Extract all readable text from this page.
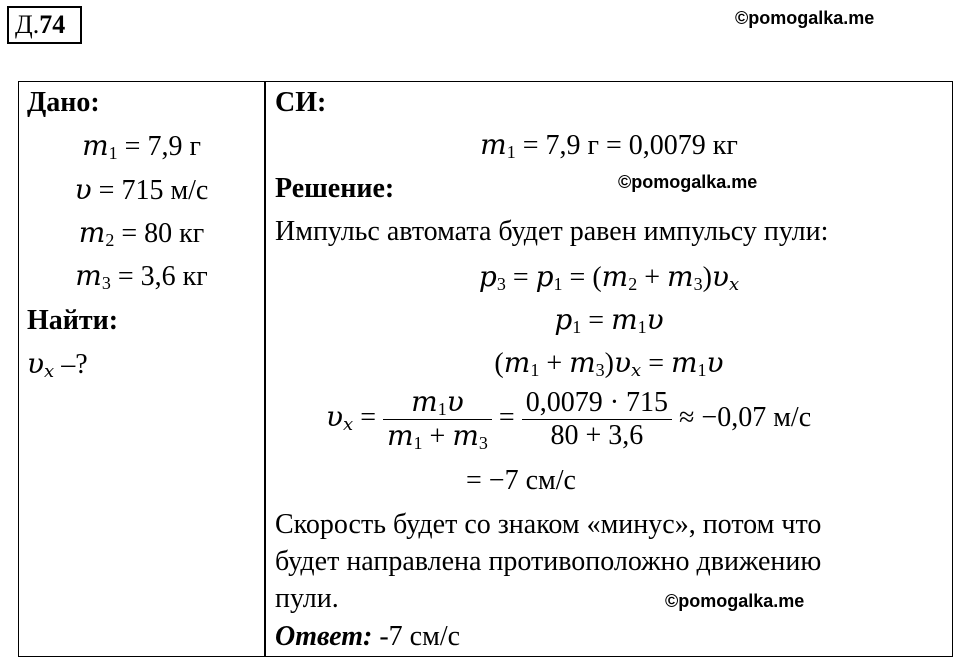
Д.74	©pomogalka.me
Дано:
$m_1 = 7,9$ г
υ = 715 м/с
$m_2 = 80$ кг
$m_3 = 3,6$ кг
Найти:
$\upsilon_x$ –?
СИ:
$m_1 = 7,9$ г = 0,0079 кг
Решение:	©pomogalka.me
Импульс автомата будет равен импульсу пули:
$p_3 = p_1 = (m_2 + m_3)\upsilon_x$
$p_1 = m_1\upsilon$
$(m_1 + m_3)\upsilon_x = m_1\upsilon$
$\upsilon_x = \frac{m_1\upsilon}{m_1 + m_3} = \frac{0,0079 \cdot 715}{80 + 3,6} \approx -0,07$ м/с
= −7 см/с
Скорость будет со знаком «минус», потом что
будет направлена противоположно движению
пули.	©pomogalka.me
Ответ: -7 см/с
